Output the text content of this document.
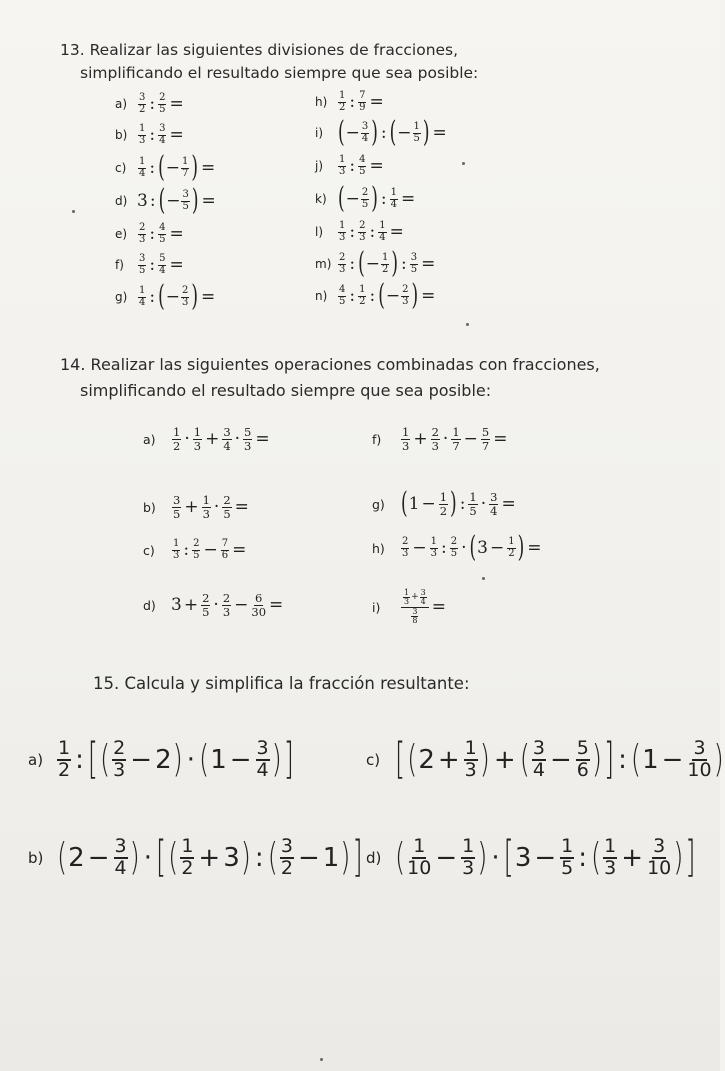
13. Realizar las siguientes divisiones de fracciones,
simplificando el resultado siempre que sea posible:
a)	$\frac{3}{2}$ : $\frac{2}{5}$ =
b)	$\frac{1}{3}$ : $\frac{3}{4}$ =
c)	$\frac{1}{4}$ : ( − $\frac{1}{7}$ ) =
d) 3 : ( − $\frac{3}{5}$ ) =
e)	$\frac{2}{3}$ : $\frac{4}{5}$ =
f)	$\frac{3}{5}$ : $\frac{5}{4}$ =
g)	$\frac{1}{4}$ : ( − $\frac{2}{3}$ ) =
h)	$\frac{1}{2}$ : $\frac{7}{9}$ =
i) ( − $\frac{3}{4}$ ) : ( − $\frac{1}{5}$ ) =
j)	$\frac{1}{3}$ : $\frac{4}{5}$ =
k) ( − $\frac{2}{5}$ ) : $\frac{1}{4}$ =
l)	$\frac{1}{3}$ : $\frac{2}{3}$ : $\frac{1}{4}$ =
$m) \frac{2}{3}$ : ( − $\frac{1}{2}$ ) : $\frac{3}{5}$ =
n)	$\frac{4}{5}$ : $\frac{1}{2}$ : ( − $\frac{2}{3}$ ) =
14. Realizar las siguientes operaciones combinadas con fracciones,
simplificando el resultado siempre que sea posible:
a)	$\frac{1}{2} \cdot \frac{1}{3} + \frac{3}{4} \cdot \frac{5}{3}$ =
b)	$\frac{3}{5} + \frac{1}{3} \cdot \frac{2}{5}$ =
c)	$\frac{1}{3}$ : $\frac{2}{5} - \frac{7}{6}$ =
d) $3 + \frac{2}{5} \cdot \frac{2}{3} - \frac{6}{30}$ =
f)	$\frac{1}{3} + \frac{2}{3} \cdot \frac{1}{7} - \frac{5}{7}$ =
g) ( $1 - \frac{1}{2}$ ) : $\frac{1}{5} \cdot \frac{3}{4}$ =
h)	$\frac{2}{3} - \frac{1}{3}$ : $\frac{2}{5}$ · ( $3 - \frac{1}{2}$ ) =
i)	$\frac{\frac{1}{3} + \frac{3}{4}}{\frac{3}{8}}$ =
15. Calcula y simplifica la fracción resultante:
$a) \frac{1}{2}$ : [ ( $\frac{2}{3} - 2$ ) · ( $1 - \frac{3}{4}$ ) ]
b) ( $2 - \frac{3}{4}$ ) · [ ( $\frac{1}{2} + 3$ ) : ( $\frac{3}{2} - 1$ ) ]
c) [ ( $2 + \frac{1}{3}$ ) + ( $\frac{3}{4} - \frac{5}{6}$ ) ] : ( $1 - \frac{3}{10}$ )
d) ( $\frac{1}{10} - \frac{1}{3}$ ) · [ $3 - \frac{1}{5}$ : ( $\frac{1}{3} + \frac{3}{10}$ ) ]
